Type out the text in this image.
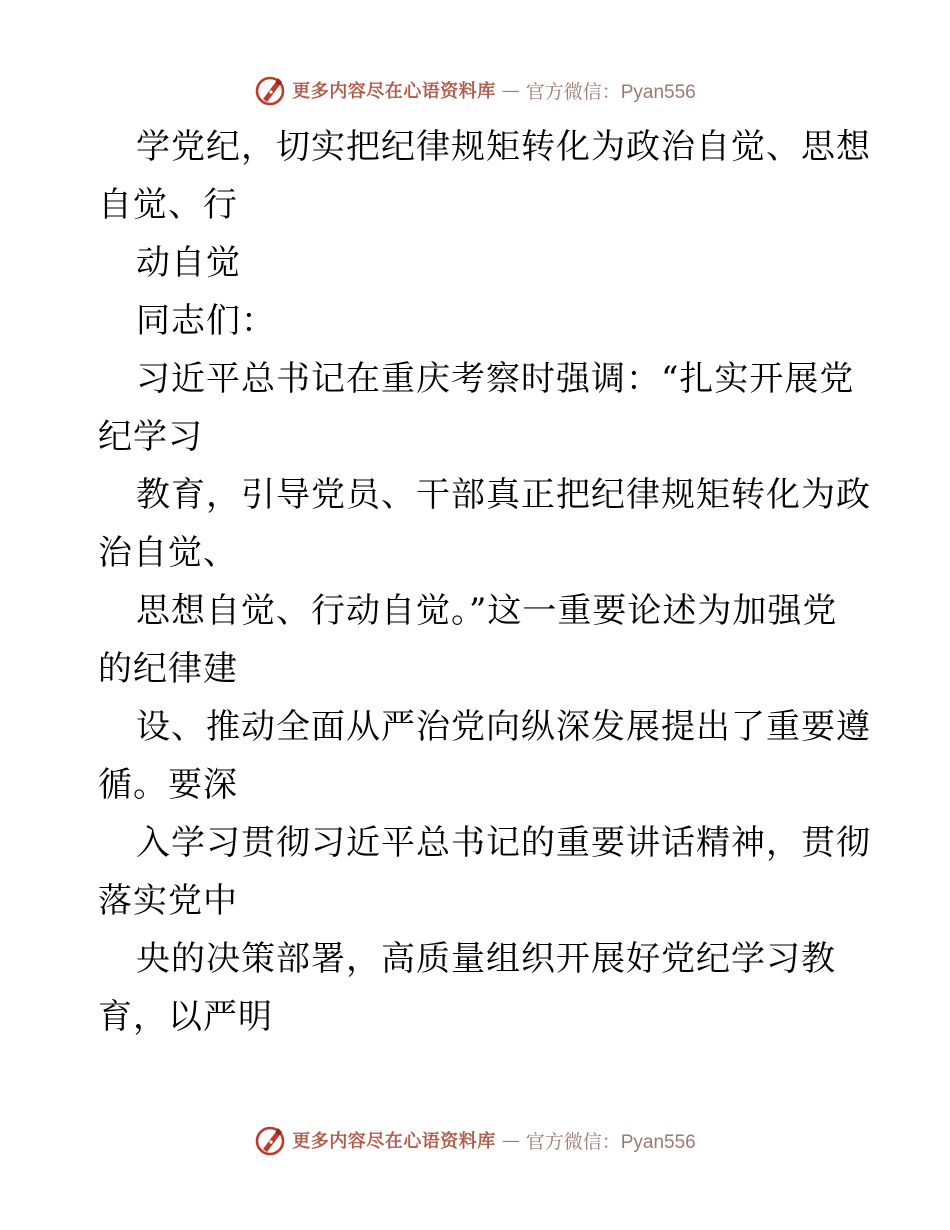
更多内容尽在心语资料库 — 官方微信：Pyan556
学党纪，切实把纪律规矩转化为政治自觉、思想
自觉、行
动自觉
同志们：
习近平总书记在重庆考察时强调：“扎实开展党
纪学习
教育，引导党员、干部真正把纪律规矩转化为政
治自觉、
思想自觉、行动自觉。”这一重要论述为加强党
的纪律建
设、推动全面从严治党向纵深发展提出了重要遵
循。要深
入学习贯彻习近平总书记的重要讲话精神，贯彻
落实党中
央的决策部署，高质量组织开展好党纪学习教
育，以严明
更多内容尽在心语资料库 — 官方微信：Pyan556
